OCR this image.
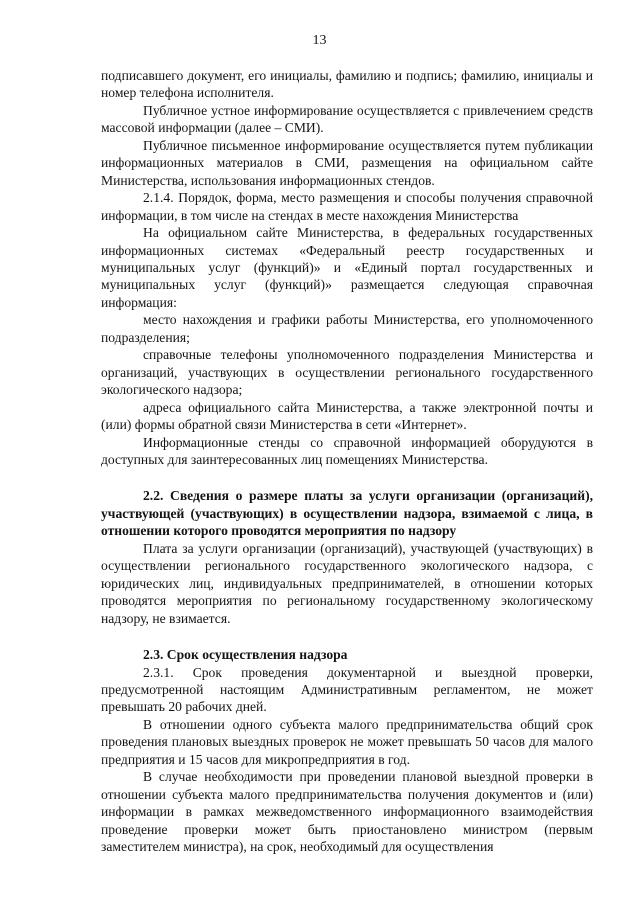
13

подписавшего документ, его инициалы, фамилию и подпись; фамилию, инициалы и номер телефона исполнителя.

Публичное устное информирование осуществляется с привлечением средств массовой информации (далее – СМИ).

Публичное письменное информирование осуществляется путем публикации информационных материалов в СМИ, размещения на официальном сайте Министерства, использования информационных стендов.

2.1.4. Порядок, форма, место размещения и способы получения справочной информации, в том числе на стендах в месте нахождения Министерства

На официальном сайте Министерства, в федеральных государственных информационных системах «Федеральный реестр государственных и муниципальных услуг (функций)» и «Единый портал государственных и муниципальных услуг (функций)» размещается следующая справочная информация:

место нахождения и графики работы Министерства, его уполномоченного подразделения;

справочные телефоны уполномоченного подразделения Министерства и организаций, участвующих в осуществлении регионального государственного экологического надзора;

адреса официального сайта Министерства, а также электронной почты и (или) формы обратной связи Министерства в сети «Интернет».

Информационные стенды со справочной информацией оборудуются в доступных для заинтересованных лиц помещениях Министерства.

2.2. Сведения о размере платы за услуги организации (организаций), участвующей (участвующих) в осуществлении надзора, взимаемой с лица, в отношении которого проводятся мероприятия по надзору

Плата за услуги организации (организаций), участвующей (участвующих) в осуществлении регионального государственного экологического надзора, с юридических лиц, индивидуальных предпринимателей, в отношении которых проводятся мероприятия по региональному государственному экологическому надзору, не взимается.

2.3. Срок осуществления надзора

2.3.1. Срок проведения документарной и выездной проверки, предусмотренной настоящим Административным регламентом, не может превышать 20 рабочих дней.

В отношении одного субъекта малого предпринимательства общий срок проведения плановых выездных проверок не может превышать 50 часов для малого предприятия и 15 часов для микропредприятия в год.

В случае необходимости при проведении плановой выездной проверки в отношении субъекта малого предпринимательства получения документов и (или) информации в рамках межведомственного информационного взаимодействия проведение проверки может быть приостановлено министром (первым заместителем министра), на срок, необходимый для осуществления
